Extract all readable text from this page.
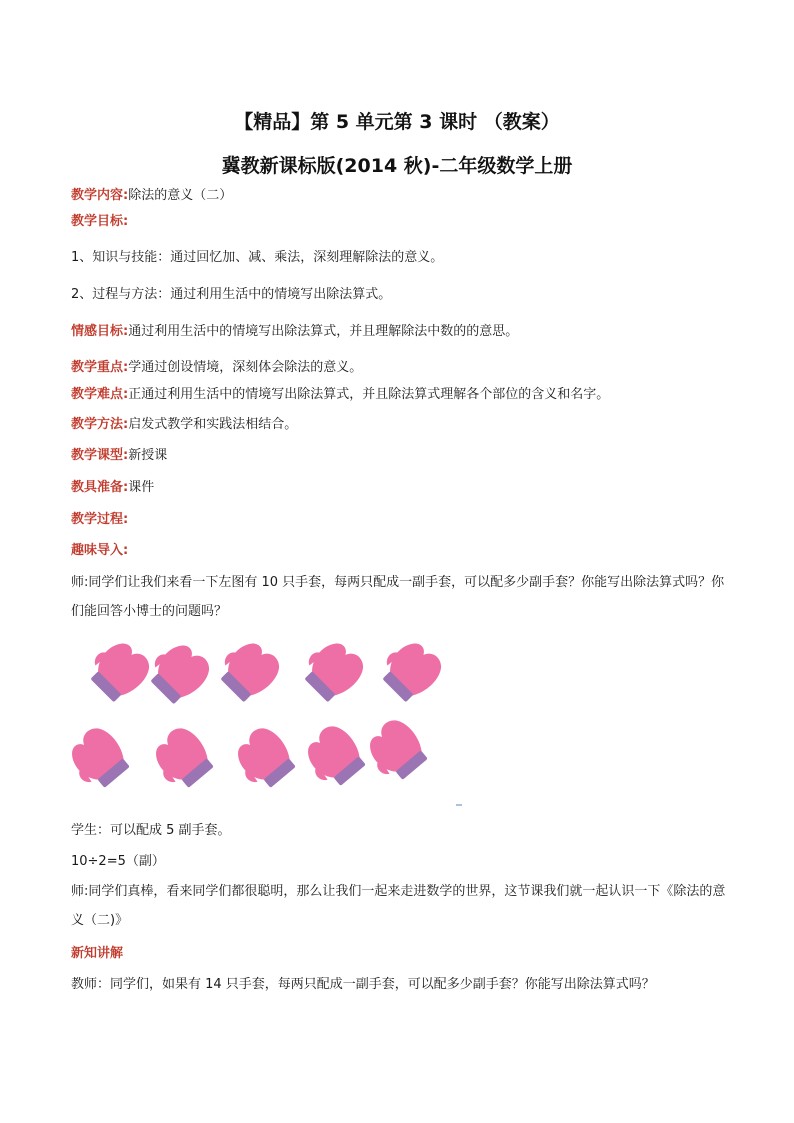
【精品】第 5 单元第 3 课时 （教案）
冀教新课标版(2014 秋)-二年级数学上册
教学内容:除法的意义（二）
教学目标:
1、知识与技能：通过回忆加、减、乘法，深刻理解除法的意义。
2、过程与方法：通过利用生活中的情境写出除法算式。
情感目标:通过利用生活中的情境写出除法算式，并且理解除法中数的的意思。
教学重点:学通过创设情境，深刻体会除法的意义。
教学难点:正通过利用生活中的情境写出除法算式，并且除法算式理解各个部位的含义和名字。
教学方法:启发式教学和实践法相结合。
教学课型:新授课
教具准备:课件
教学过程:
趣味导入:
师:同学们让我们来看一下左图有 10 只手套，每两只配成一副手套，可以配多少副手套？你能写出除法算式吗？你们能回答小博士的问题吗？
学生：可以配成 5 副手套。
10÷2=5（副）
师:同学们真棒，看来同学们都很聪明，那么让我们一起来走进数学的世界，这节课我们就一起认识一下《除法的意义（二)》
新知讲解
教师：同学们，如果有 14 只手套，每两只配成一副手套，可以配多少副手套？你能写出除法算式吗？
